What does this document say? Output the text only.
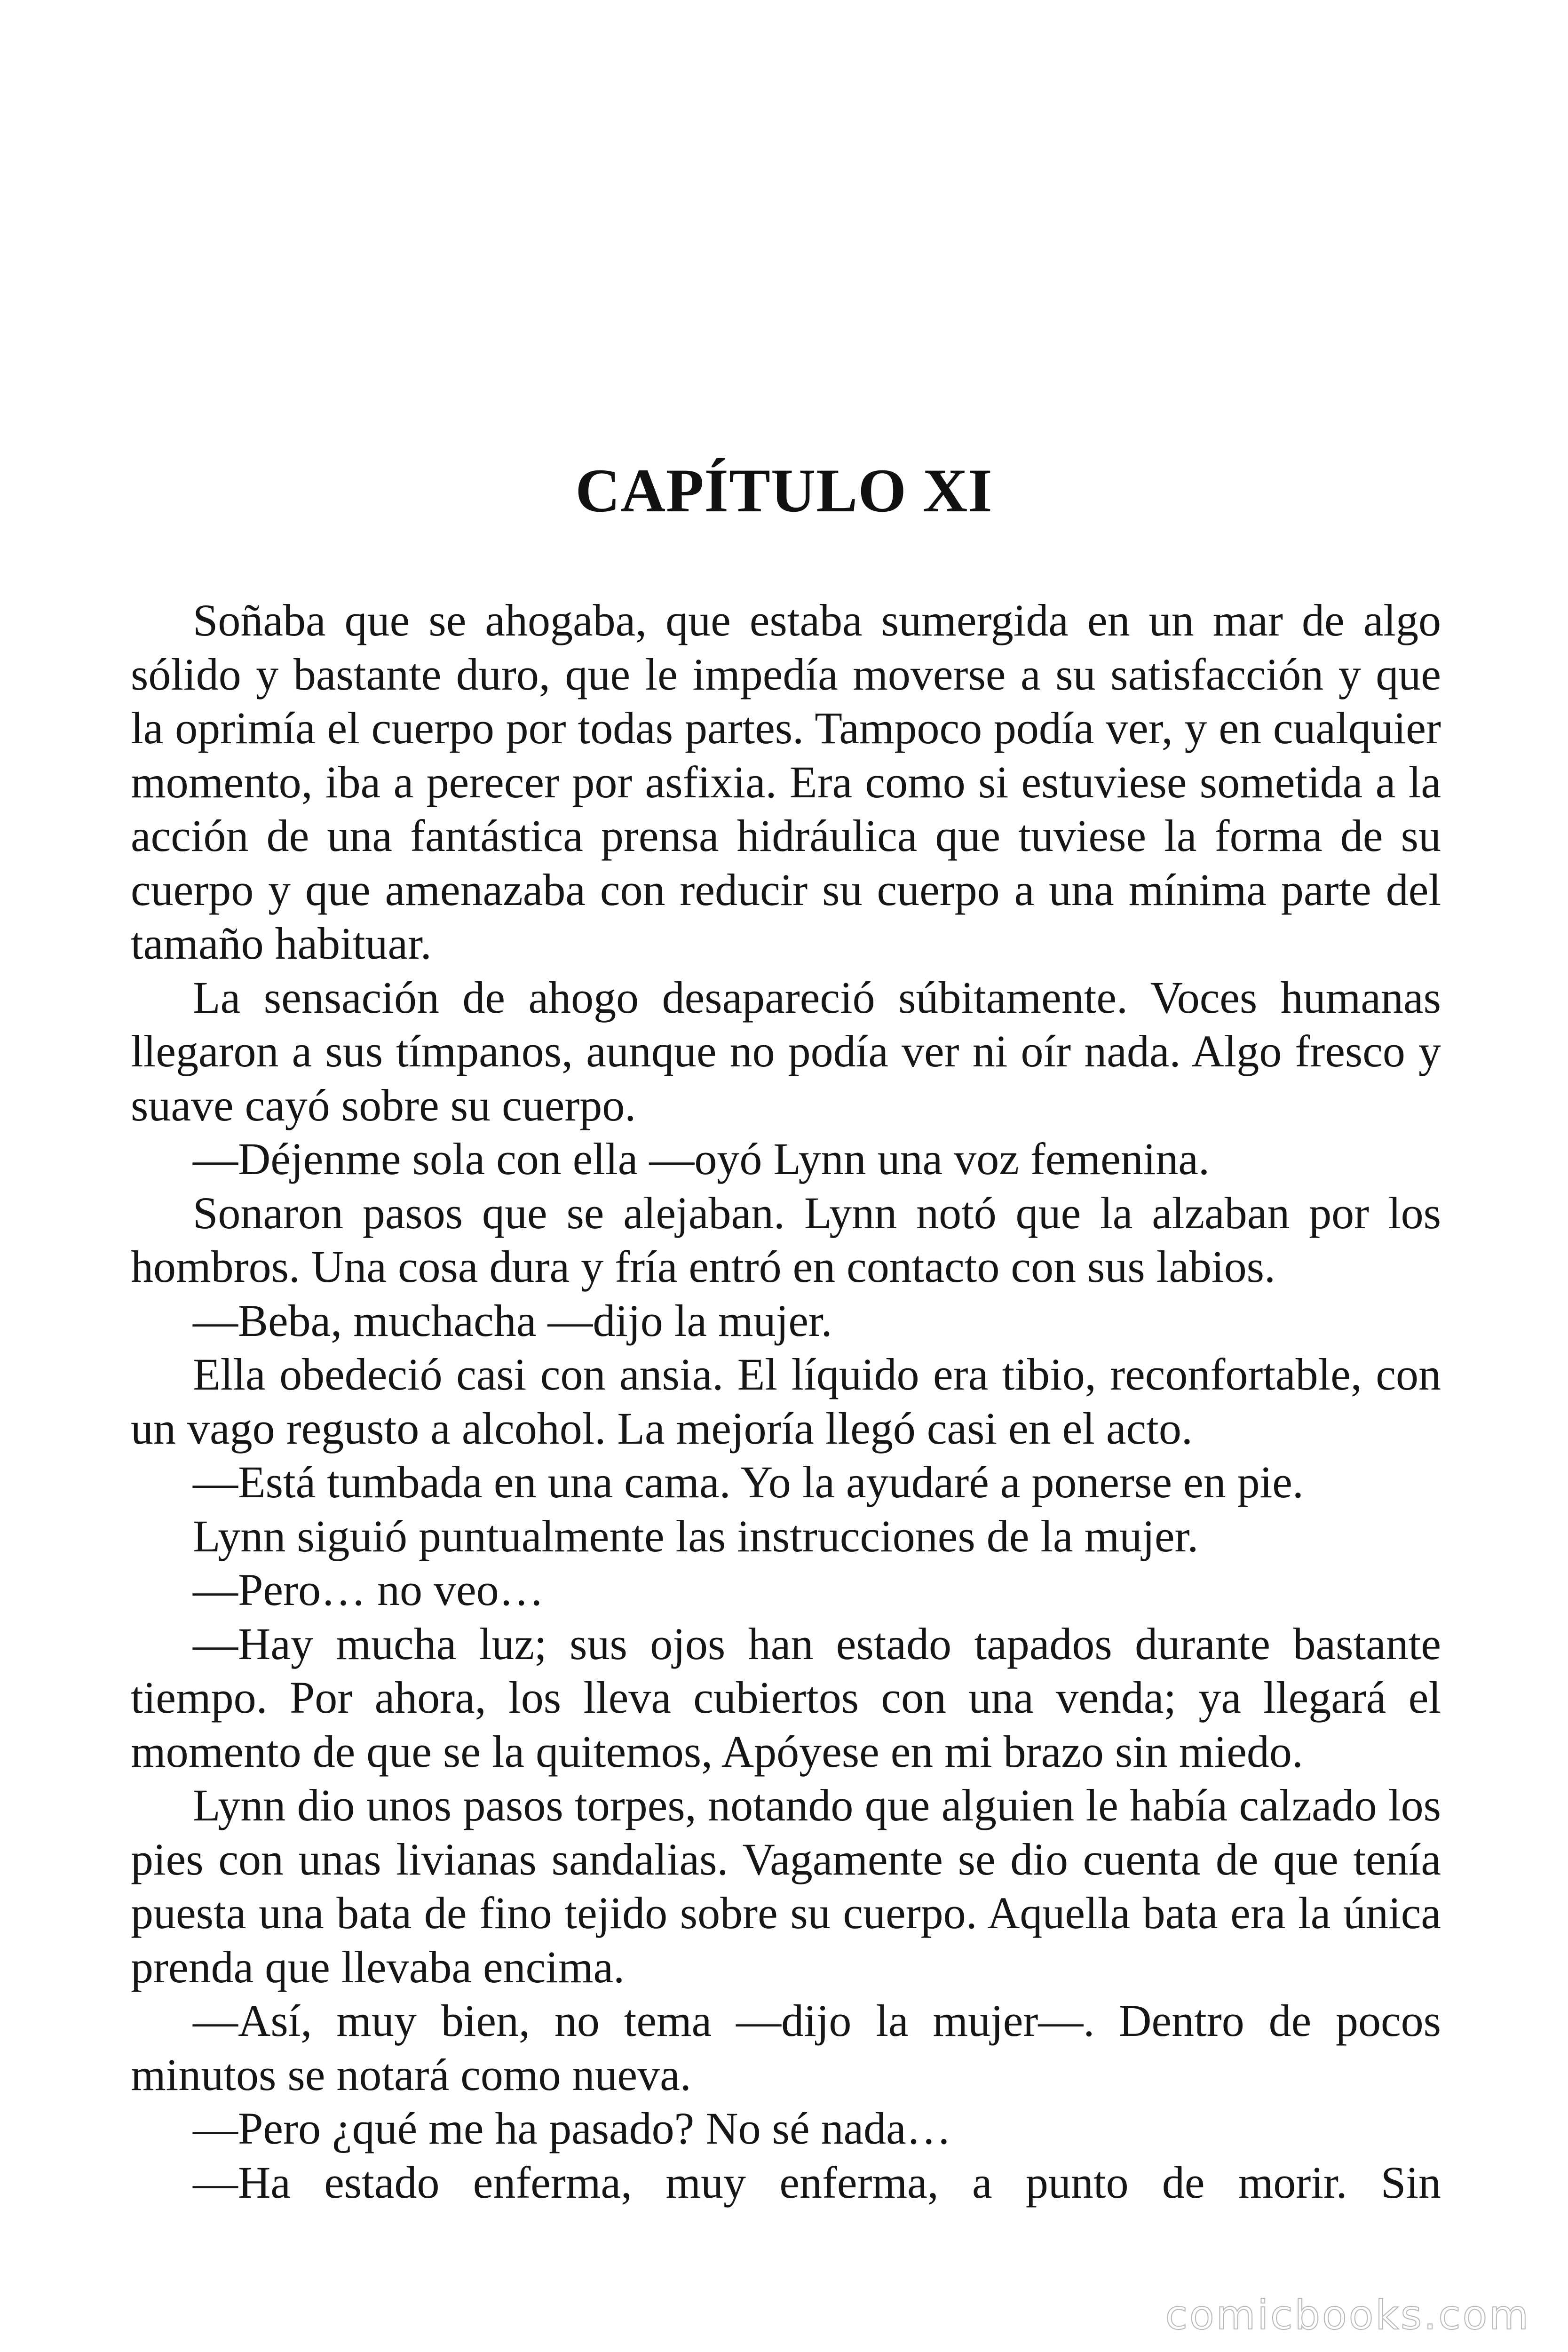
CAPÍTULO XI

Soñaba que se ahogaba, que estaba sumergida en un mar de algo sólido y bastante duro, que le impedía moverse a su satisfacción y que la oprimía el cuerpo por todas partes. Tampoco podía ver, y en cualquier momento, iba a perecer por asfixia. Era como si estuviese sometida a la acción de una fantástica prensa hidráulica que tuviese la forma de su cuerpo y que amenazaba con reducir su cuerpo a una mínima parte del tamaño habituar.

La sensación de ahogo desapareció súbitamente. Voces humanas llegaron a sus tímpanos, aunque no podía ver ni oír nada. Algo fresco y suave cayó sobre su cuerpo.

—Déjenme sola con ella —oyó Lynn una voz femenina.

Sonaron pasos que se alejaban. Lynn notó que la alzaban por los hombros. Una cosa dura y fría entró en contacto con sus labios.

—Beba, muchacha —dijo la mujer.

Ella obedeció casi con ansia. El líquido era tibio, reconfortable, con un vago regusto a alcohol. La mejoría llegó casi en el acto.

—Está tumbada en una cama. Yo la ayudaré a ponerse en pie.

Lynn siguió puntualmente las instrucciones de la mujer.

—Pero… no veo…

—Hay mucha luz; sus ojos han estado tapados durante bastante tiempo. Por ahora, los lleva cubiertos con una venda; ya llegará el momento de que se la quitemos, Apóyese en mi brazo sin miedo.

Lynn dio unos pasos torpes, notando que alguien le había calzado los pies con unas livianas sandalias. Vagamente se dio cuenta de que tenía puesta una bata de fino tejido sobre su cuerpo. Aquella bata era la única prenda que llevaba encima.

—Así, muy bien, no tema —dijo la mujer—. Dentro de pocos minutos se notará como nueva.

—Pero ¿qué me ha pasado? No sé nada…

—Ha estado enferma, muy enferma, a punto de morir. Sin

comicbooks.com
